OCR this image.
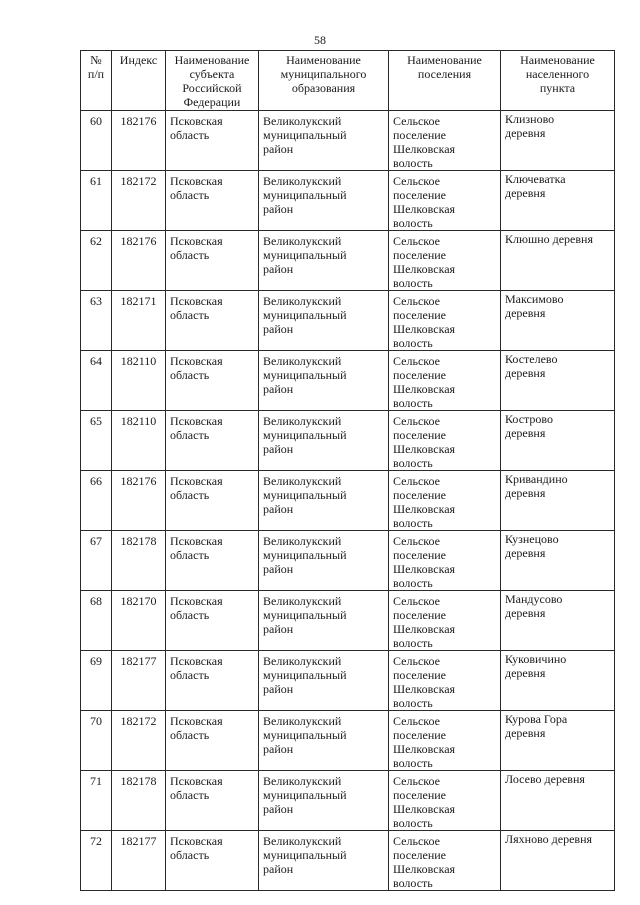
58
№
п/п	Индекс	Наименование
субъекта
Российской
Федерации	Наименование
муниципального
образования	Наименование
поселения	Наименование
населенного
пункта

60	182176	Псковская
область	Великолукский
муниципальный
район	Сельское
поселение
Шелковская
волость	Клизново
деревня

61	182172	Псковская
область	Великолукский
муниципальный
район	Сельское
поселение
Шелковская
волость	Ключеватка
деревня

62	182176	Псковская
область	Великолукский
муниципальный
район	Сельское
поселение
Шелковская
волость	Клюшно деревня

63	182171	Псковская
область	Великолукский
муниципальный
район	Сельское
поселение
Шелковская
волость	Максимово
деревня

64	182110	Псковская
область	Великолукский
муниципальный
район	Сельское
поселение
Шелковская
волость	Костелево
деревня

65	182110	Псковская
область	Великолукский
муниципальный
район	Сельское
поселение
Шелковская
волость	Кострово
деревня

66	182176	Псковская
область	Великолукский
муниципальный
район	Сельское
поселение
Шелковская
волость	Кривандино
деревня

67	182178	Псковская
область	Великолукский
муниципальный
район	Сельское
поселение
Шелковская
волость	Кузнецово
деревня

68	182170	Псковская
область	Великолукский
муниципальный
район	Сельское
поселение
Шелковская
волость	Мандусово
деревня

69	182177	Псковская
область	Великолукский
муниципальный
район	Сельское
поселение
Шелковская
волость	Куковичино
деревня

70	182172	Псковская
область	Великолукский
муниципальный
район	Сельское
поселение
Шелковская
волость	Курова Гора
деревня

71	182178	Псковская
область	Великолукский
муниципальный
район	Сельское
поселение
Шелковская
волость	Лосево деревня

72	182177	Псковская
область	Великолукский
муниципальный
район	Сельское
поселение
Шелковская
волость	Ляхново деревня
